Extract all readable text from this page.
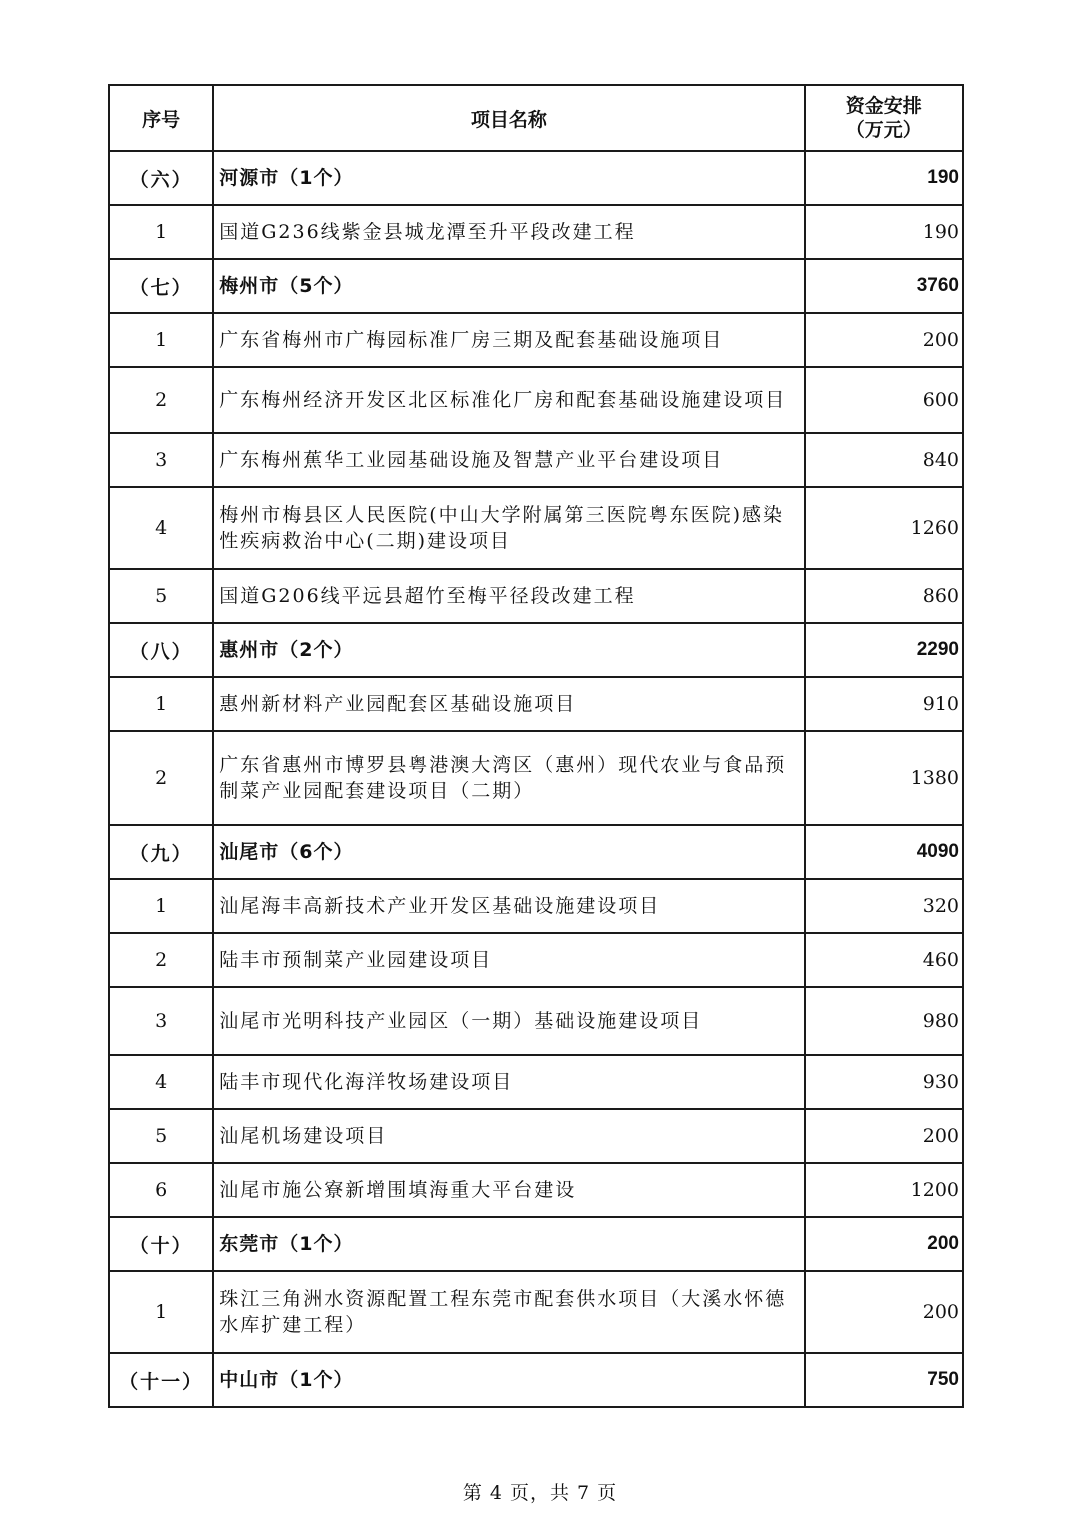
序号	项目名称	资金安排
（万元）

（六）	河源市（1个）	190
1	国道G236线紫金县城龙潭至升平段改建工程	190
（七）	梅州市（5个）	3760
1	广东省梅州市广梅园标准厂房三期及配套基础设施项目	200
2	广东梅州经济开发区北区标准化厂房和配套基础设施建设项目	600
3	广东梅州蕉华工业园基础设施及智慧产业平台建设项目	840
4	梅州市梅县区人民医院(中山大学附属第三医院粤东医院)感染性疾病救治中心(二期)建设项目	1260
5	国道G206线平远县超竹至梅平径段改建工程	860
（八）	惠州市（2个）	2290
1	惠州新材料产业园配套区基础设施项目	910
2	广东省惠州市博罗县粤港澳大湾区（惠州）现代农业与食品预制菜产业园配套建设项目（二期）	1380
（九）	汕尾市（6个）	4090
1	汕尾海丰高新技术产业开发区基础设施建设项目	320
2	陆丰市预制菜产业园建设项目	460
3	汕尾市光明科技产业园区（一期）基础设施建设项目	980
4	陆丰市现代化海洋牧场建设项目	930
5	汕尾机场建设项目	200
6	汕尾市施公寮新增围填海重大平台建设	1200
（十）	东莞市（1个）	200
1	珠江三角洲水资源配置工程东莞市配套供水项目（大溪水怀德水库扩建工程）	200
（十一）	中山市（1个）	750
第 4 页，共 7 页
